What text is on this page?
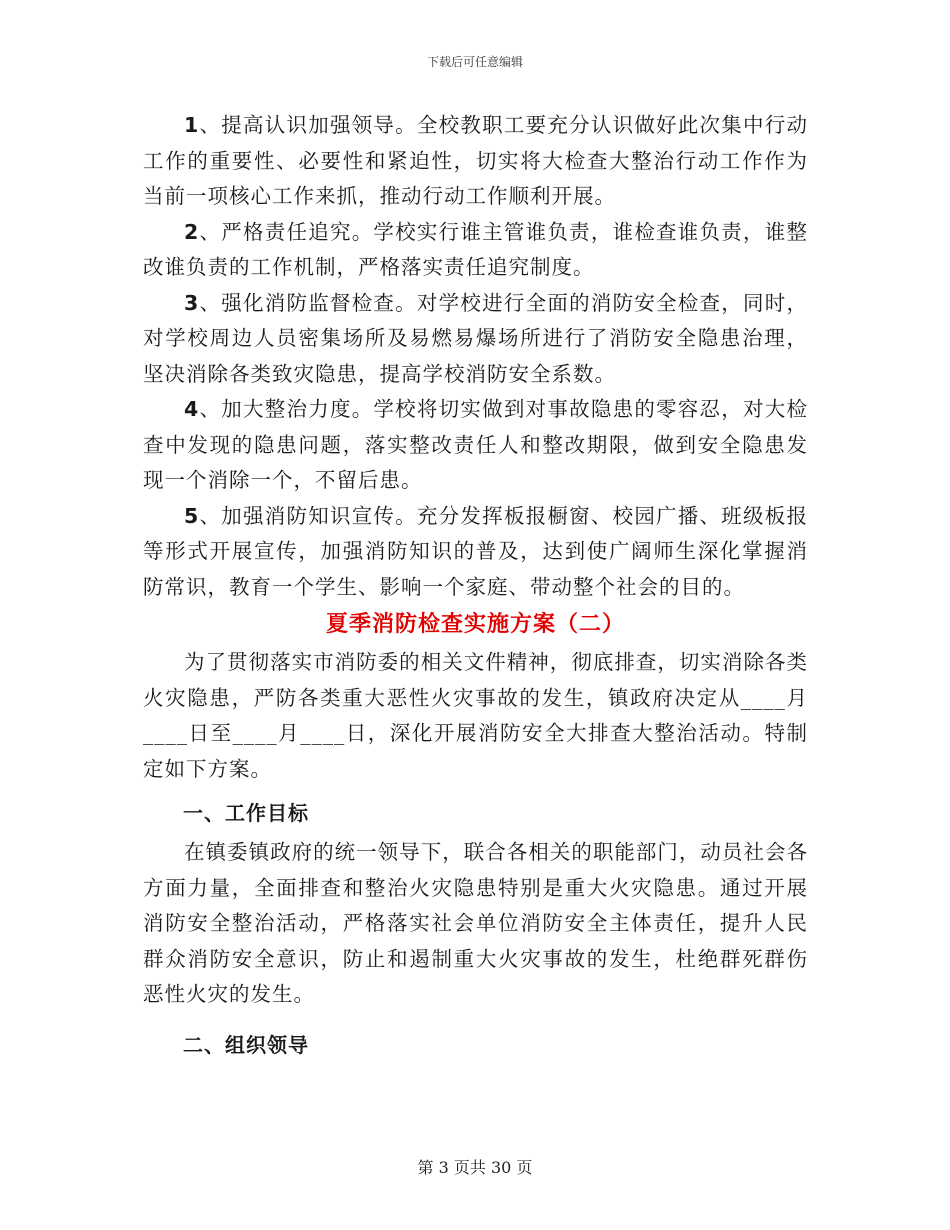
下载后可任意编辑

1、提高认识加强领导。全校教职工要充分认识做好此次集中行动工作的重要性、必要性和紧迫性，切实将大检查大整治行动工作作为当前一项核心工作来抓，推动行动工作顺利开展。

2、严格责任追究。学校实行谁主管谁负责，谁检查谁负责，谁整改谁负责的工作机制，严格落实责任追究制度。

3、强化消防监督检查。对学校进行全面的消防安全检查，同时，对学校周边人员密集场所及易燃易爆场所进行了消防安全隐患治理，坚决消除各类致灾隐患，提高学校消防安全系数。

4、加大整治力度。学校将切实做到对事故隐患的零容忍，对大检查中发现的隐患问题，落实整改责任人和整改期限，做到安全隐患发现一个消除一个，不留后患。

5、加强消防知识宣传。充分发挥板报橱窗、校园广播、班级板报等形式开展宣传，加强消防知识的普及，达到使广阔师生深化掌握消防常识，教育一个学生、影响一个家庭、带动整个社会的目的。

夏季消防检查实施方案（二）

为了贯彻落实市消防委的相关文件精神，彻底排查，切实消除各类火灾隐患，严防各类重大恶性火灾事故的发生，镇政府决定从____月____日至____月____日，深化开展消防安全大排查大整治活动。特制定如下方案。

一、工作目标

在镇委镇政府的统一领导下，联合各相关的职能部门，动员社会各方面力量，全面排查和整治火灾隐患特别是重大火灾隐患。通过开展消防安全整治活动，严格落实社会单位消防安全主体责任，提升人民群众消防安全意识，防止和遏制重大火灾事故的发生，杜绝群死群伤恶性火灾的发生。

二、组织领导
第 3 页共 30 页
